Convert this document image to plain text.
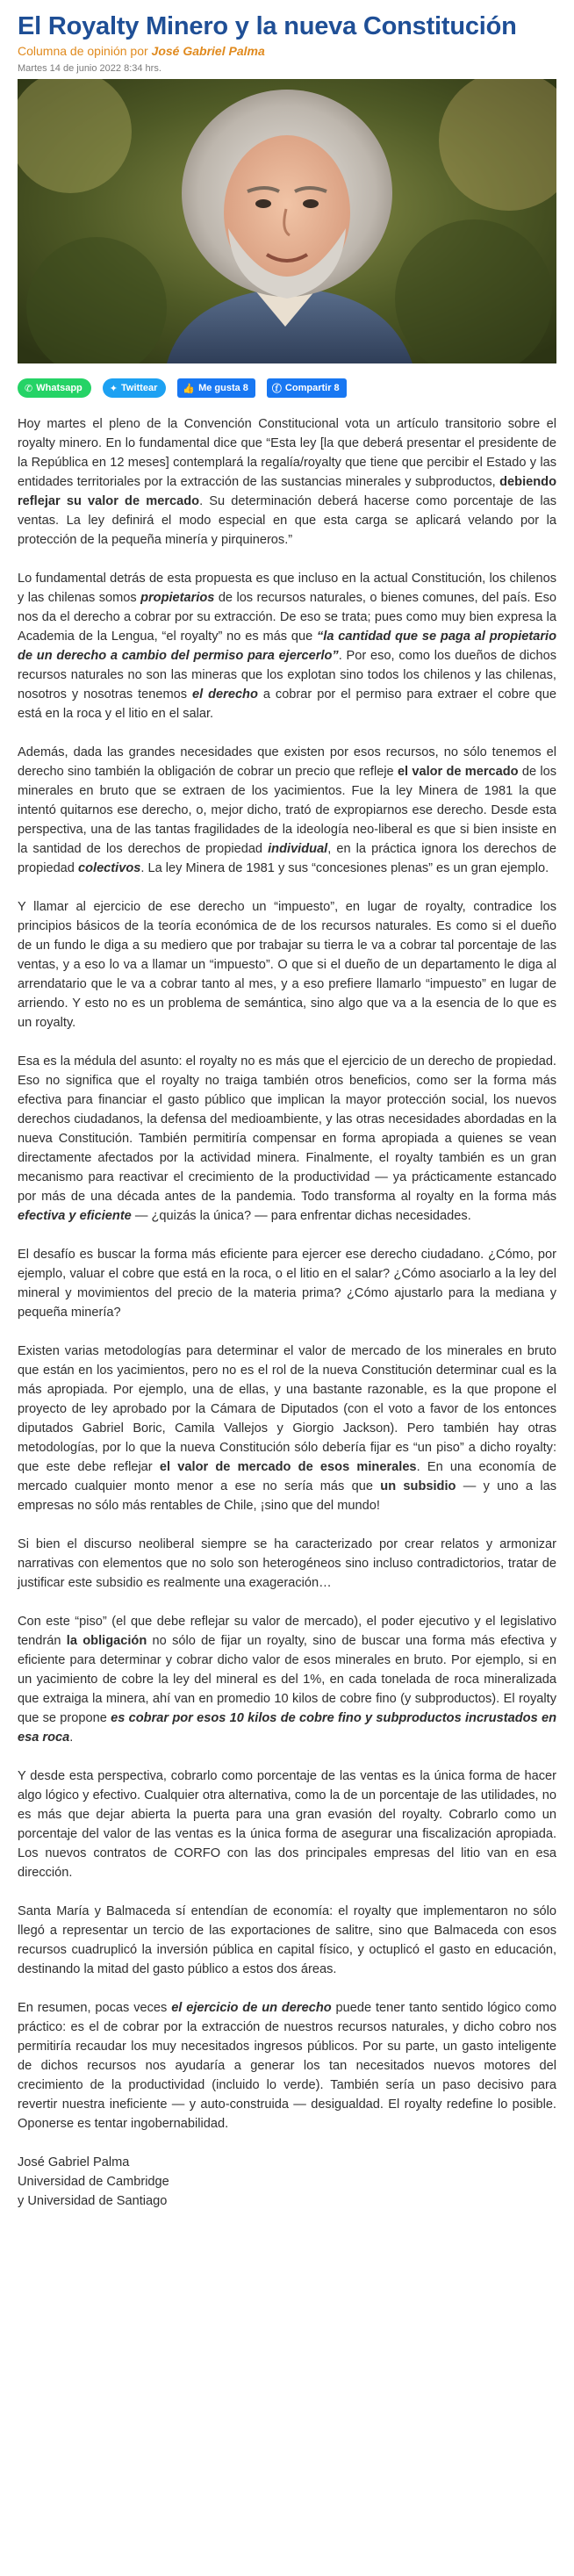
El Royalty Minero y la nueva Constitución
Columna de opinión por José Gabriel Palma
Martes 14 de junio 2022 8:34 hrs.
✆ Whatsapp	✦ Twittear	👍 Me gusta 8 ⓕ Compartir 8

Hoy martes el pleno de la Convención Constitucional vota un artículo transitorio sobre el royalty minero. En lo fundamental dice que “Esta ley [la que deberá presentar el presidente de la República en 12 meses] contemplará la regalía/royalty que tiene que percibir el Estado y las entidades territoriales por la extracción de las sustancias minerales y subproductos, debiendo reflejar su valor de mercado. Su determinación deberá hacerse como porcentaje de las ventas. La ley definirá el modo especial en que esta carga se aplicará velando por la protección de la pequeña minería y pirquineros.”

Lo fundamental detrás de esta propuesta es que incluso en la actual Constitución, los chilenos y las chilenas somos propietarios de los recursos naturales, o bienes comunes, del país. Eso nos da el derecho a cobrar por su extracción. De eso se trata; pues como muy bien expresa la Academia de la Lengua, “el royalty” no es más que “la cantidad que se paga al propietario de un derecho a cambio del permiso para ejercerlo”. Por eso, como los dueños de dichos recursos naturales no son las mineras que los explotan sino todos los chilenos y las chilenas, nosotros y nosotras tenemos el derecho a cobrar por el permiso para extraer el cobre que está en la roca y el litio en el salar.

Además, dada las grandes necesidades que existen por esos recursos, no sólo tenemos el derecho sino también la obligación de cobrar un precio que refleje el valor de mercado de los minerales en bruto que se extraen de los yacimientos. Fue la ley Minera de 1981 la que intentó quitarnos ese derecho, o, mejor dicho, trató de expropiarnos ese derecho. Desde esta perspectiva, una de las tantas fragilidades de la ideología neo-liberal es que si bien insiste en la santidad de los derechos de propiedad individual, en la práctica ignora los derechos de propiedad colectivos. La ley Minera de 1981 y sus “concesiones plenas” es un gran ejemplo.

Y llamar al ejercicio de ese derecho un “impuesto”, en lugar de royalty, contradice los principios básicos de la teoría económica de de los recursos naturales. Es como si el dueño de un fundo le diga a su mediero que por trabajar su tierra le va a cobrar tal porcentaje de las ventas, y a eso lo va a llamar un “impuesto”. O que si el dueño de un departamento le diga al arrendatario que le va a cobrar tanto al mes, y a eso prefiere llamarlo “impuesto” en lugar de arriendo. Y esto no es un problema de semántica, sino algo que va a la esencia de lo que es un royalty.

Esa es la médula del asunto: el royalty no es más que el ejercicio de un derecho de propiedad. Eso no significa que el royalty no traiga también otros beneficios, como ser la forma más efectiva para financiar el gasto público que implican la mayor protección social, los nuevos derechos ciudadanos, la defensa del medioambiente, y las otras necesidades abordadas en la nueva Constitución. También permitiría compensar en forma apropiada a quienes se vean directamente afectados por la actividad minera. Finalmente, el royalty también es un gran mecanismo para reactivar el crecimiento de la productividad — ya prácticamente estancado por más de una década antes de la pandemia. Todo transforma al royalty en la forma más efectiva y eficiente — ¿quizás la única? — para enfrentar dichas necesidades.

El desafío es buscar la forma más eficiente para ejercer ese derecho ciudadano. ¿Cómo, por ejemplo, valuar el cobre que está en la roca, o el litio en el salar? ¿Cómo asociarlo a la ley del mineral y movimientos del precio de la materia prima? ¿Cómo ajustarlo para la mediana y pequeña minería?

Existen varias metodologías para determinar el valor de mercado de los minerales en bruto que están en los yacimientos, pero no es el rol de la nueva Constitución determinar cual es la más apropiada. Por ejemplo, una de ellas, y una bastante razonable, es la que propone el proyecto de ley aprobado por la Cámara de Diputados (con el voto a favor de los entonces diputados Gabriel Boric, Camila Vallejos y Giorgio Jackson). Pero también hay otras metodologías, por lo que la nueva Constitución sólo debería fijar es “un piso” a dicho royalty: que este debe reflejar el valor de mercado de esos minerales. En una economía de mercado cualquier monto menor a ese no sería más que un subsidio — y uno a las empresas no sólo más rentables de Chile, ¡sino que del mundo!

Si bien el discurso neoliberal siempre se ha caracterizado por crear relatos y armonizar narrativas con elementos que no solo son heterogéneos sino incluso contradictorios, tratar de justificar este subsidio es realmente una exageración…

Con este “piso” (el que debe reflejar su valor de mercado), el poder ejecutivo y el legislativo tendrán la obligación no sólo de fijar un royalty, sino de buscar una forma más efectiva y eficiente para determinar y cobrar dicho valor de esos minerales en bruto. Por ejemplo, si en un yacimiento de cobre la ley del mineral es del 1%, en cada tonelada de roca mineralizada que extraiga la minera, ahí van en promedio 10 kilos de cobre fino (y subproductos). El royalty que se propone es cobrar por esos 10 kilos de cobre fino y subproductos incrustados en esa roca.

Y desde esta perspectiva, cobrarlo como porcentaje de las ventas es la única forma de hacer algo lógico y efectivo. Cualquier otra alternativa, como la de un porcentaje de las utilidades, no es más que dejar abierta la puerta para una gran evasión del royalty. Cobrarlo como un porcentaje del valor de las ventas es la única forma de asegurar una fiscalización apropiada. Los nuevos contratos de CORFO con las dos principales empresas del litio van en esa dirección.

Santa María y Balmaceda sí entendían de economía: el royalty que implementaron no sólo llegó a representar un tercio de las exportaciones de salitre, sino que Balmaceda con esos recursos cuadruplicó la inversión pública en capital físico, y octuplicó el gasto en educación, destinando la mitad del gasto público a estos dos áreas.

En resumen, pocas veces el ejercicio de un derecho puede tener tanto sentido lógico como práctico: es el de cobrar por la extracción de nuestros recursos naturales, y dicho cobro nos permitiría recaudar los muy necesitados ingresos públicos. Por su parte, un gasto inteligente de dichos recursos nos ayudaría a generar los tan necesitados nuevos motores del crecimiento de la productividad (incluido lo verde). También sería un paso decisivo para revertir nuestra ineficiente — y auto-construida — desigualdad. El royalty redefine lo posible. Oponerse es tentar ingobernabilidad.

José Gabriel Palma
Universidad de Cambridge
y Universidad de Santiago
